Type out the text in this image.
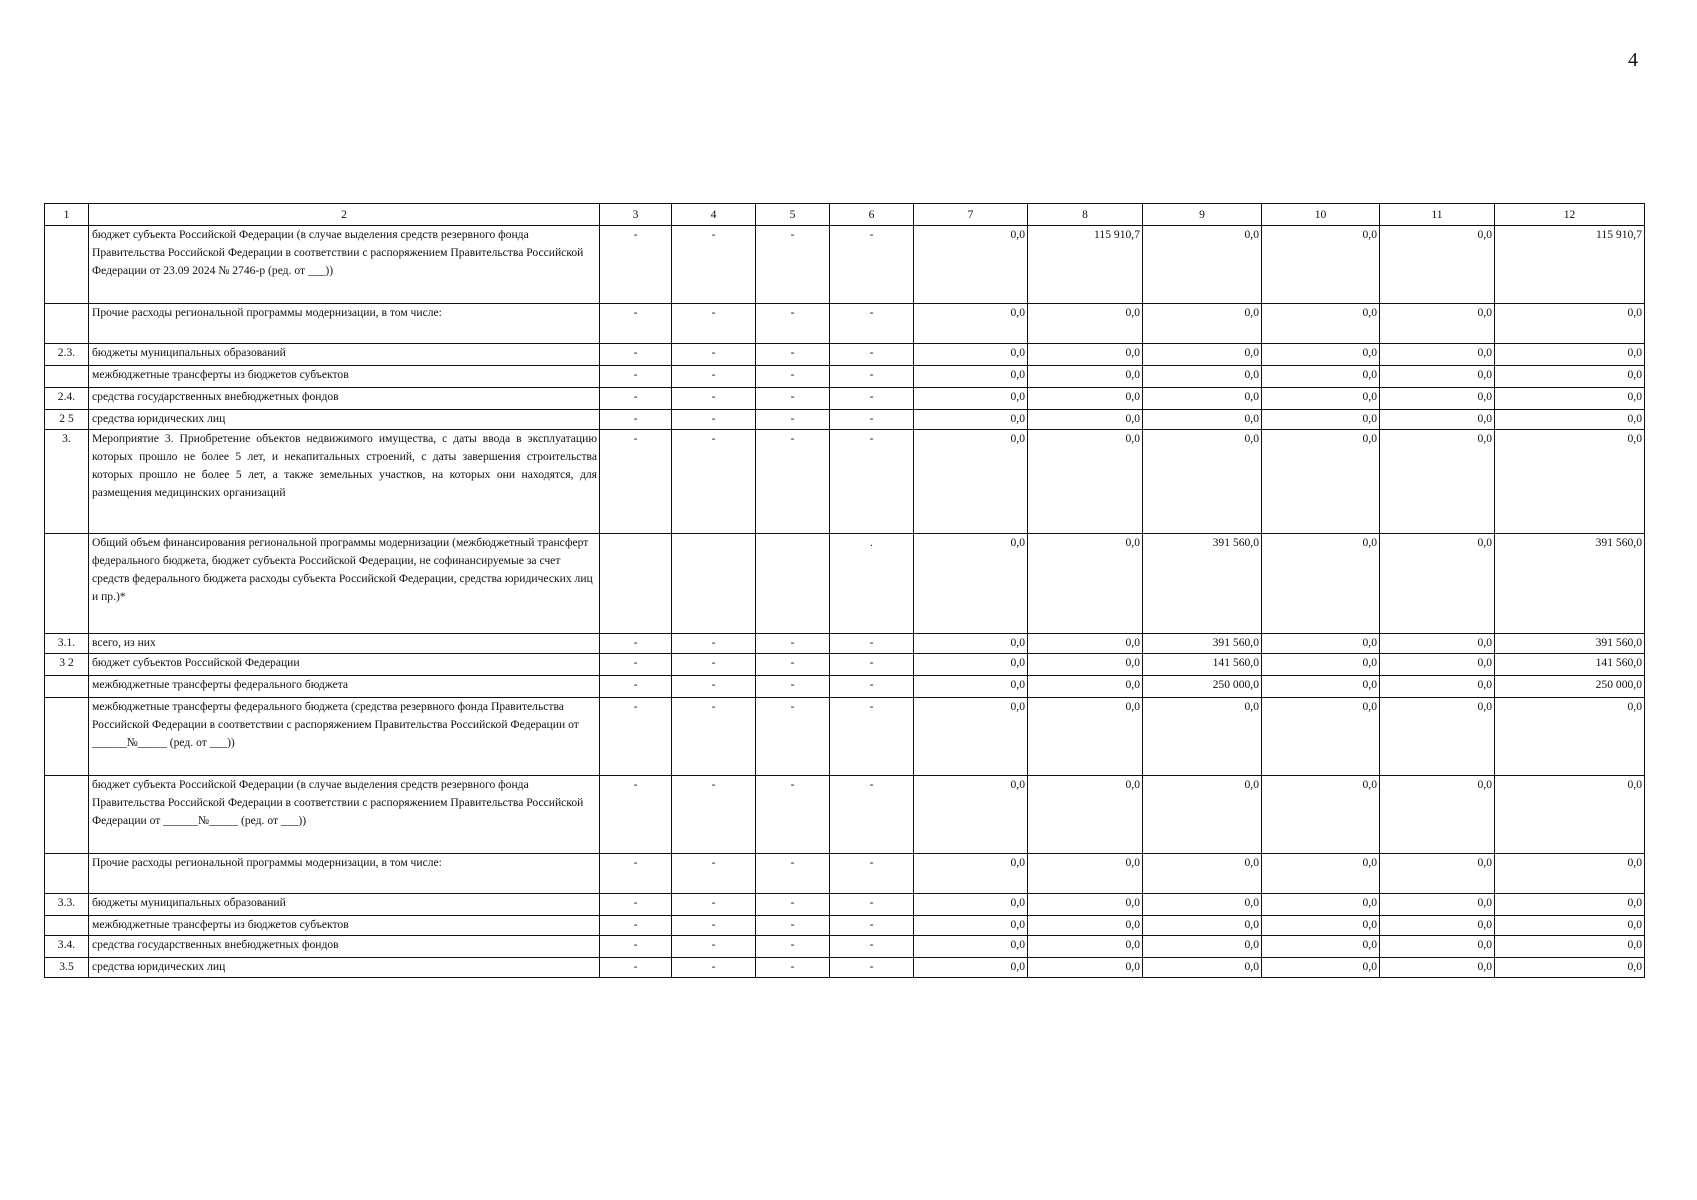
4
1	2	3	4	5	6	7	8	9	10	11	12
	бюджет субъекта Российской Федерации (в случае выделения средств резервного фонда Правительства Российской Федерации в соответствии с распоряжением Правительства Российской Федерации от 23.09 2024 № 2746-р (ред. от ___))	-	-	-	-	0,0	115 910,7	0,0	0,0	0,0	115 910,7
	Прочие расходы региональной программы модернизации, в том числе:	-	-	-	-	0,0	0,0	0,0	0,0	0,0	0,0
2.3.	бюджеты муниципальных образований	-	-	-	-	0,0	0,0	0,0	0,0	0,0	0,0
	межбюджетные трансферты из бюджетов субъектов	-	-	-	-	0,0	0,0	0,0	0,0	0,0	0,0
2.4.	средства государственных внебюджетных фондов	-	-	-	-	0,0	0,0	0,0	0,0	0,0	0,0
2 5	средства юридических лиц	-	-	-	-	0,0	0,0	0,0	0,0	0,0	0,0
3.	Мероприятие 3. Приобретение объектов недвижимого имущества, с даты ввода в эксплуатацию которых прошло не более 5 лет, и некапитальных строений, с даты завершения строительства которых прошло не более 5 лет, а также земельных участков, на которых они находятся, для размещения медицинских организаций	-	-	-	-	0,0	0,0	0,0	0,0	0,0	0,0
	Общий объем финансирования региональной программы модернизации (межбюджетный трансферт федерального бюджета, бюджет субъекта Российской Федерации, не софинансируемые за счет средств федерального бюджета расходы субъекта Российской Федерации, средства юридических лиц и пр.)*				.	0,0	0,0	391 560,0	0,0	0,0	391 560,0
3.1.	всего, из них	-	-	-	-	0,0	0,0	391 560,0	0,0	0,0	391 560,0
3 2	бюджет субъектов Российской Федерации	-	-	-	-	0,0	0,0	141 560,0	0,0	0,0	141 560,0
	межбюджетные трансферты федерального бюджета	-	-	-	-	0,0	0,0	250 000,0	0,0	0,0	250 000,0
	межбюджетные трансферты федерального бюджета (средства резервного фонда Правительства Российской Федерации в соответствии с распоряжением Правительства Российской Федерации от ______№_____ (ред. от ___))	-	-	-	-	0,0	0,0	0,0	0,0	0,0	0,0
	бюджет субъекта Российской Федерации (в случае выделения средств резервного фонда Правительства Российской Федерации в соответствии с распоряжением Правительства Российской Федерации от ______№_____ (ред. от ___))	-	-	-	-	0,0	0,0	0,0	0,0	0,0	0,0
	Прочие расходы региональной программы модернизации, в том числе:	-	-	-	-	0,0	0,0	0,0	0,0	0,0	0,0
3.3.	бюджеты муниципальных образований	-	-	-	-	0,0	0,0	0,0	0,0	0,0	0,0
	межбюджетные трансферты из бюджетов субъектов	-	-	-	-	0,0	0,0	0,0	0,0	0,0	0,0
3.4.	средства государственных внебюджетных фондов	-	-	-	-	0,0	0,0	0,0	0,0	0,0	0,0
3.5	средства юридических лиц	-	-	-	-	0,0	0,0	0,0	0,0	0,0	0,0
